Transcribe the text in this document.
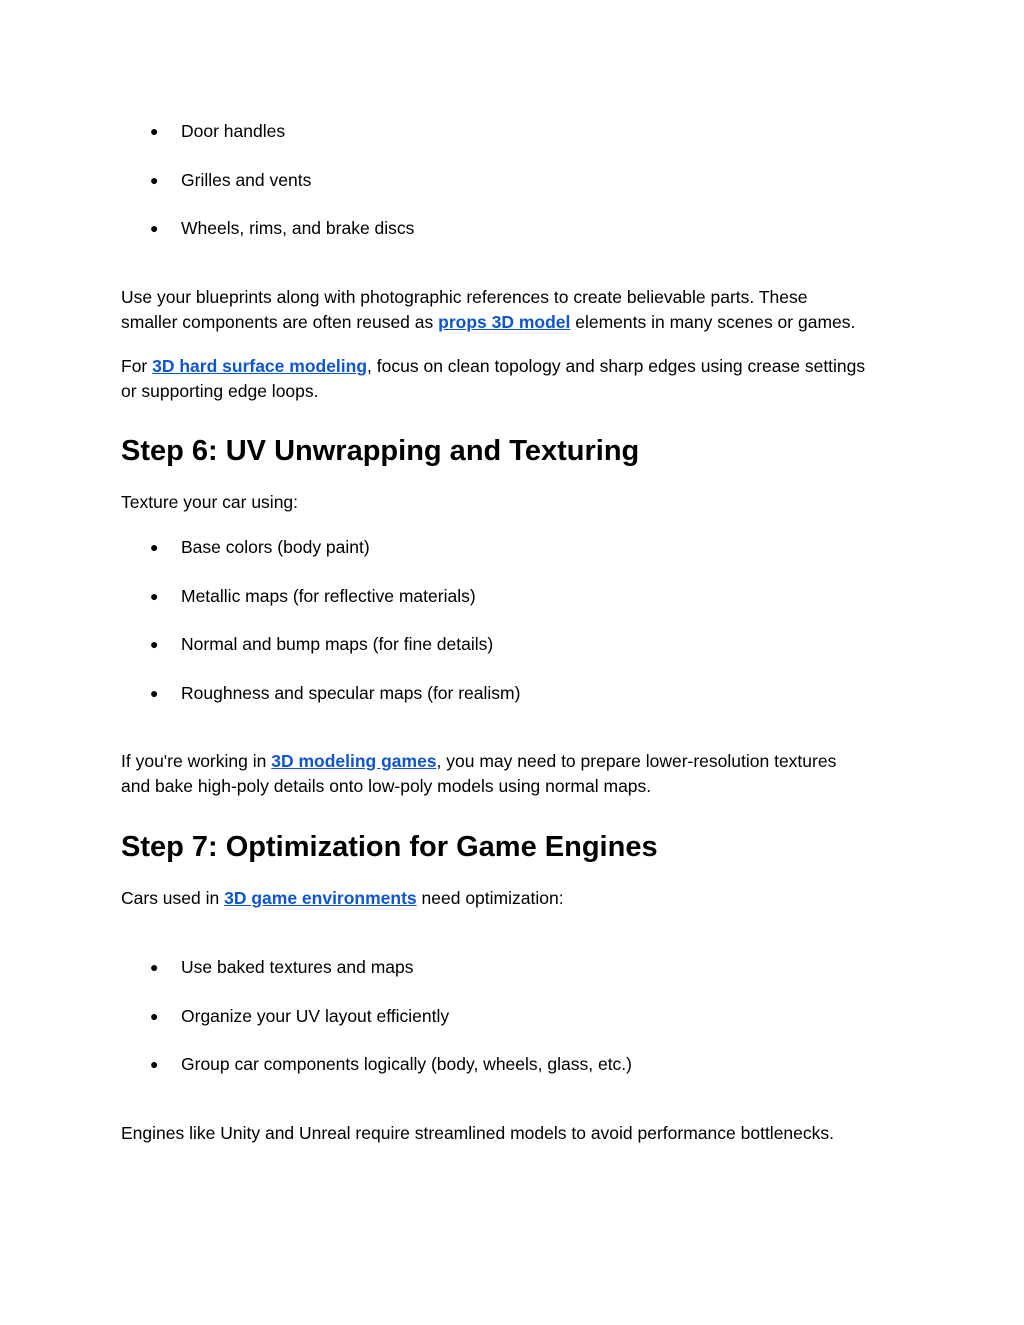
● Door handles
● Grilles and vents
● Wheels, rims, and brake discs

Use your blueprints along with photographic references to create believable parts. These
smaller components are often reused as props 3D model elements in many scenes or games.

For 3D hard surface modeling, focus on clean topology and sharp edges using crease settings
or supporting edge loops.

Step 6: UV Unwrapping and Texturing

Texture your car using:

● Base colors (body paint)
● Metallic maps (for reflective materials)
● Normal and bump maps (for fine details)
● Roughness and specular maps (for realism)

If you're working in 3D modeling games, you may need to prepare lower-resolution textures
and bake high-poly details onto low-poly models using normal maps.

Step 7: Optimization for Game Engines

Cars used in 3D game environments need optimization:

● Use baked textures and maps
● Organize your UV layout efficiently
● Group car components logically (body, wheels, glass, etc.)

Engines like Unity and Unreal require streamlined models to avoid performance bottlenecks.
